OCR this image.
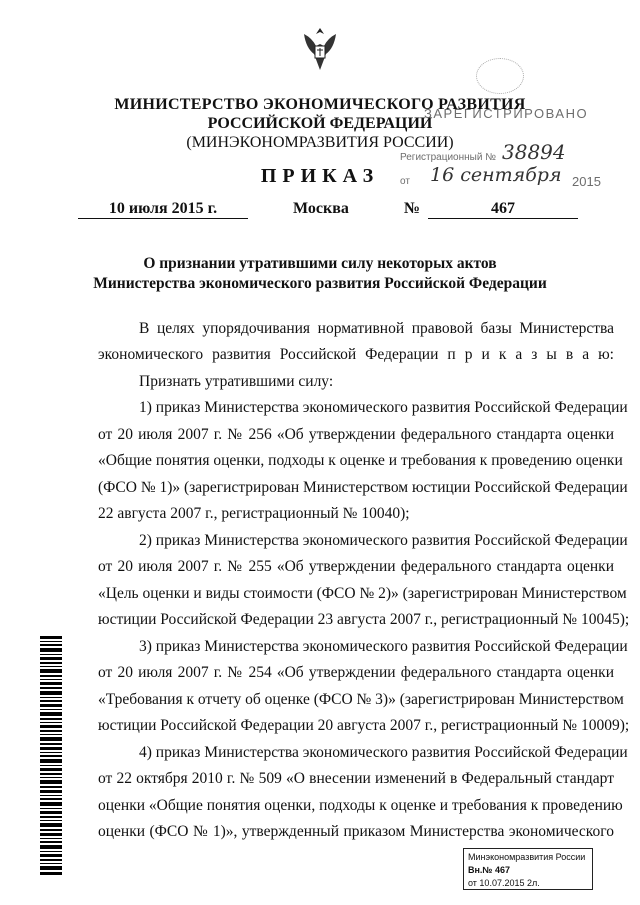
МИНИСТЕРСТВО ЭКОНОМИЧЕСКОГО РАЗВИТИЯ
РОССИЙСКОЙ ФЕДЕРАЦИИ
(МИНЭКОНОМРАЗВИТИЯ РОССИИ)
ПРИКАЗ
ЗАРЕГИСТРИРОВАНО
Регистрационный № 38894
от 16 сентября 2015
10 июля 2015 г.	Москва	№	467
О признании утратившими силу некоторых актов
Министерства экономического развития Российской Федерации
В целях упорядочивания нормативной правовой базы Министерства
экономического развития Российской Федерации п р и к а з ы в а ю:
Признать утратившими силу:
1) приказ Министерства экономического развития Российской Федерации
от 20 июля 2007 г. № 256 «Об утверждении федерального стандарта оценки
«Общие понятия оценки, подходы к оценке и требования к проведению оценки
(ФСО № 1)» (зарегистрирован Министерством юстиции Российской Федерации
22 августа 2007 г., регистрационный № 10040);
2) приказ Министерства экономического развития Российской Федерации
от 20 июля 2007 г. № 255 «Об утверждении федерального стандарта оценки
«Цель оценки и виды стоимости (ФСО № 2)» (зарегистрирован Министерством
юстиции Российской Федерации 23 августа 2007 г., регистрационный № 10045);
3) приказ Министерства экономического развития Российской Федерации
от 20 июля 2007 г. № 254 «Об утверждении федерального стандарта оценки
«Требования к отчету об оценке (ФСО № 3)» (зарегистрирован Министерством
юстиции Российской Федерации 20 августа 2007 г., регистрационный № 10009);
4) приказ Министерства экономического развития Российской Федерации
от 22 октября 2010 г. № 509 «О внесении изменений в Федеральный стандарт
оценки «Общие понятия оценки, подходы к оценке и требования к проведению
оценки (ФСО № 1)», утвержденный приказом Министерства экономического
Минэкономразвития России
Вн.№ 467
от 10.07.2015 2л.
